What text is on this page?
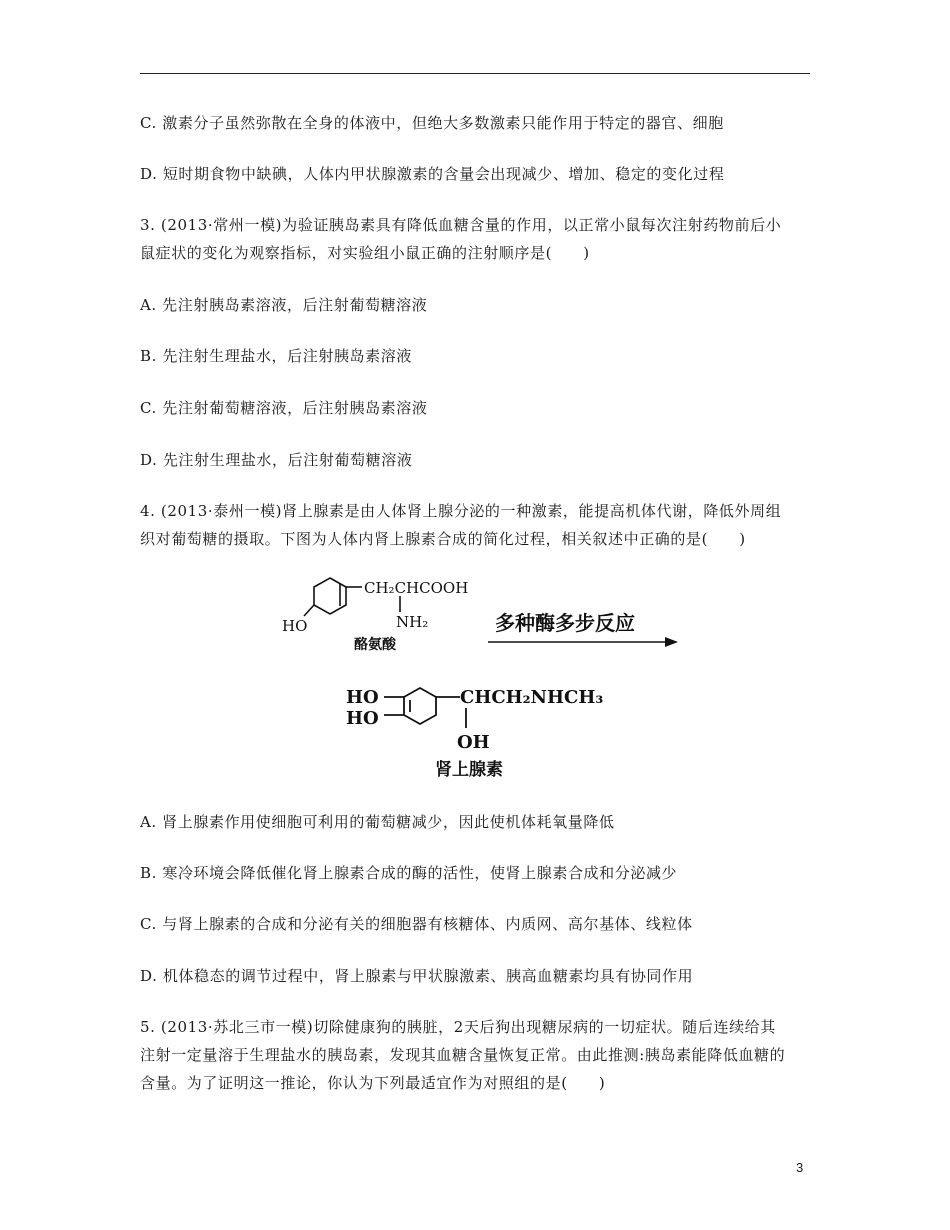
C. 激素分子虽然弥散在全身的体液中，但绝大多数激素只能作用于特定的器官、细胞
D. 短时期食物中缺碘，人体内甲状腺激素的含量会出现减少、增加、稳定的变化过程
3. (2013·常州一模)为验证胰岛素具有降低血糖含量的作用，以正常小鼠每次注射药物前后小
鼠症状的变化为观察指标，对实验组小鼠正确的注射顺序是(　　)
A. 先注射胰岛素溶液，后注射葡萄糖溶液
B. 先注射生理盐水，后注射胰岛素溶液
C. 先注射葡萄糖溶液，后注射胰岛素溶液
D. 先注射生理盐水，后注射葡萄糖溶液
4. (2013·泰州一模)肾上腺素是由人体肾上腺分泌的一种激素，能提高机体代谢，降低外周组
织对葡萄糖的摄取。下图为人体内肾上腺素合成的简化过程，相关叙述中正确的是(　　)
CH₂CHCOOH
NH₂
HO
酪氨酸
多种酶多步反应
HO
HO
CHCH₂NHCH₃
OH
肾上腺素
A. 肾上腺素作用使细胞可利用的葡萄糖减少，因此使机体耗氧量降低
B. 寒冷环境会降低催化肾上腺素合成的酶的活性，使肾上腺素合成和分泌减少
C. 与肾上腺素的合成和分泌有关的细胞器有核糖体、内质网、高尔基体、线粒体
D. 机体稳态的调节过程中，肾上腺素与甲状腺激素、胰高血糖素均具有协同作用
5. (2013·苏北三市一模)切除健康狗的胰脏，2天后狗出现糖尿病的一切症状。随后连续给其
注射一定量溶于生理盐水的胰岛素，发现其血糖含量恢复正常。由此推测:胰岛素能降低血糖的
含量。为了证明这一推论，你认为下列最适宜作为对照组的是(　　)
3
